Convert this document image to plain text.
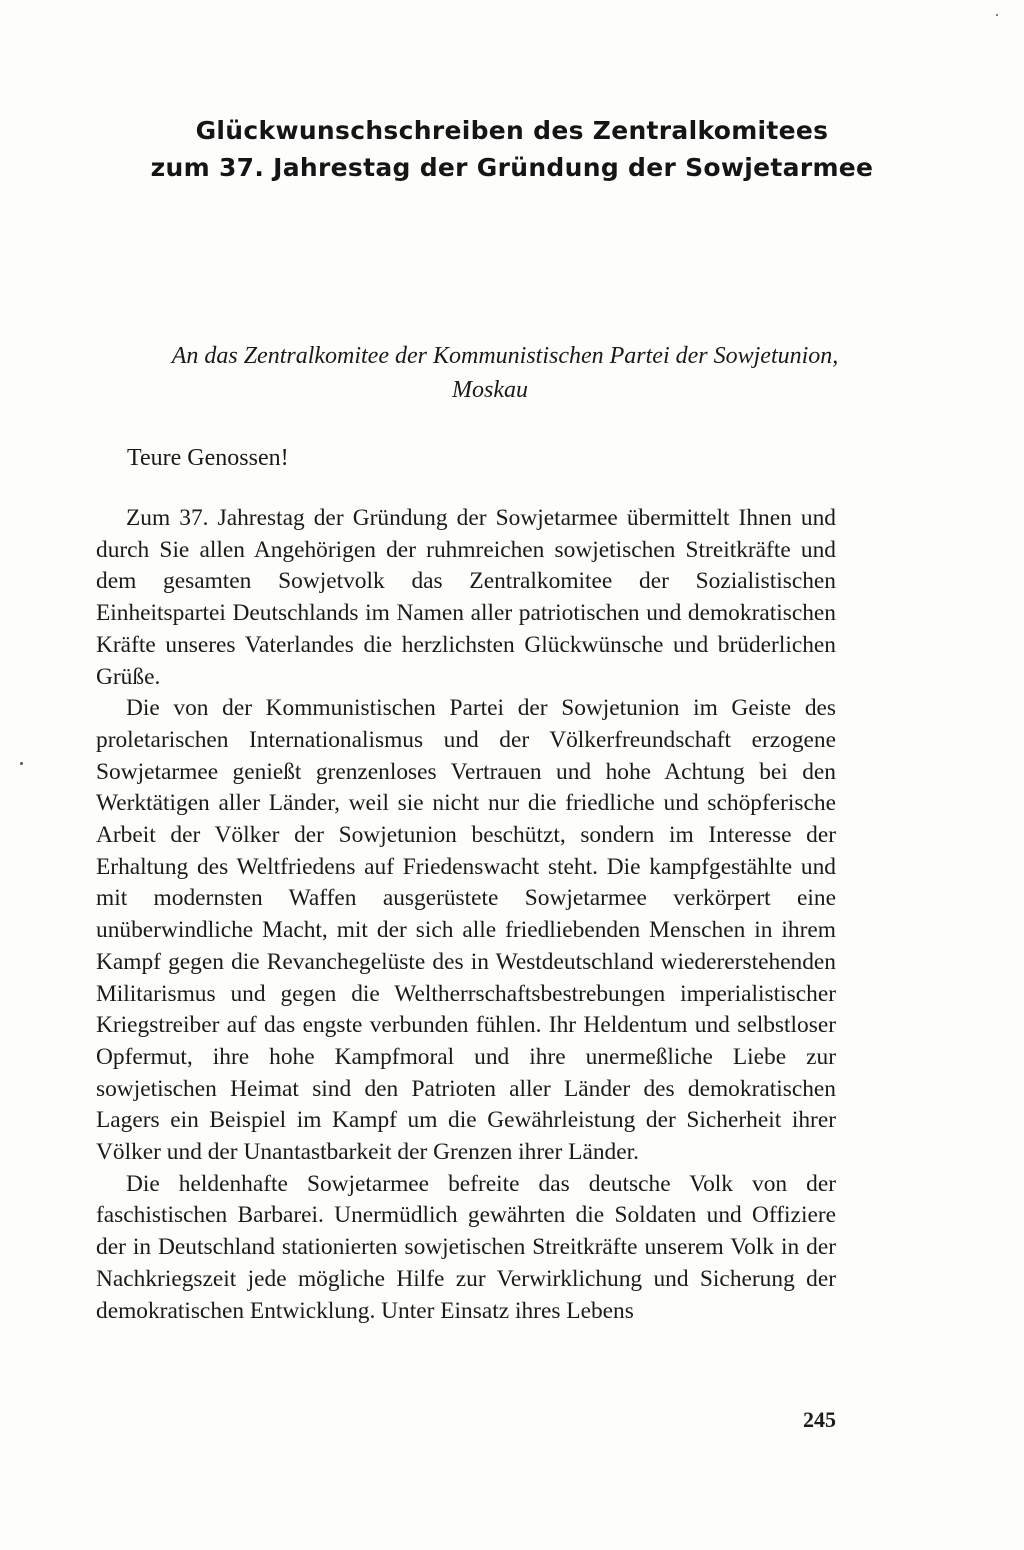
Glückwunschschreiben des Zentralkomitees
zum 37. Jahrestag der Gründung der Sowjetarmee
An das Zentralkomitee der Kommunistischen Partei der Sowjetunion,
Moskau
Teure Genossen!

Zum 37. Jahrestag der Gründung der Sowjetarmee übermittelt Ihnen und durch Sie allen Angehörigen der ruhmreichen sowjetischen Streitkräfte und dem gesamten Sowjetvolk das Zentralkomitee der Sozialistischen Einheitspartei Deutschlands im Namen aller patriotischen und demokratischen Kräfte unseres Vaterlandes die herzlichsten Glückwünsche und brüderlichen Grüße.

Die von der Kommunistischen Partei der Sowjetunion im Geiste des proletarischen Internationalismus und der Völkerfreundschaft erzogene Sowjetarmee genießt grenzenloses Vertrauen und hohe Achtung bei den Werktätigen aller Länder, weil sie nicht nur die friedliche und schöpferische Arbeit der Völker der Sowjetunion beschützt, sondern im Interesse der Erhaltung des Weltfriedens auf Friedenswacht steht. Die kampfgestählte und mit modernsten Waffen ausgerüstete Sowjetarmee verkörpert eine unüberwindliche Macht, mit der sich alle friedliebenden Menschen in ihrem Kampf gegen die Revanchegelüste des in Westdeutschland wiedererstehenden Militarismus und gegen die Weltherrschaftsbestrebungen imperialistischer Kriegstreiber auf das engste verbunden fühlen. Ihr Heldentum und selbstloser Opfermut, ihre hohe Kampfmoral und ihre unermeßliche Liebe zur sowjetischen Heimat sind den Patrioten aller Länder des demokratischen Lagers ein Beispiel im Kampf um die Gewährleistung der Sicherheit ihrer Völker und der Unantastbarkeit der Grenzen ihrer Länder.

Die heldenhafte Sowjetarmee befreite das deutsche Volk von der faschistischen Barbarei. Unermüdlich gewährten die Soldaten und Offiziere der in Deutschland stationierten sowjetischen Streitkräfte unserem Volk in der Nachkriegszeit jede mögliche Hilfe zur Verwirklichung und Sicherung der demokratischen Entwicklung. Unter Einsatz ihres Lebens

245
